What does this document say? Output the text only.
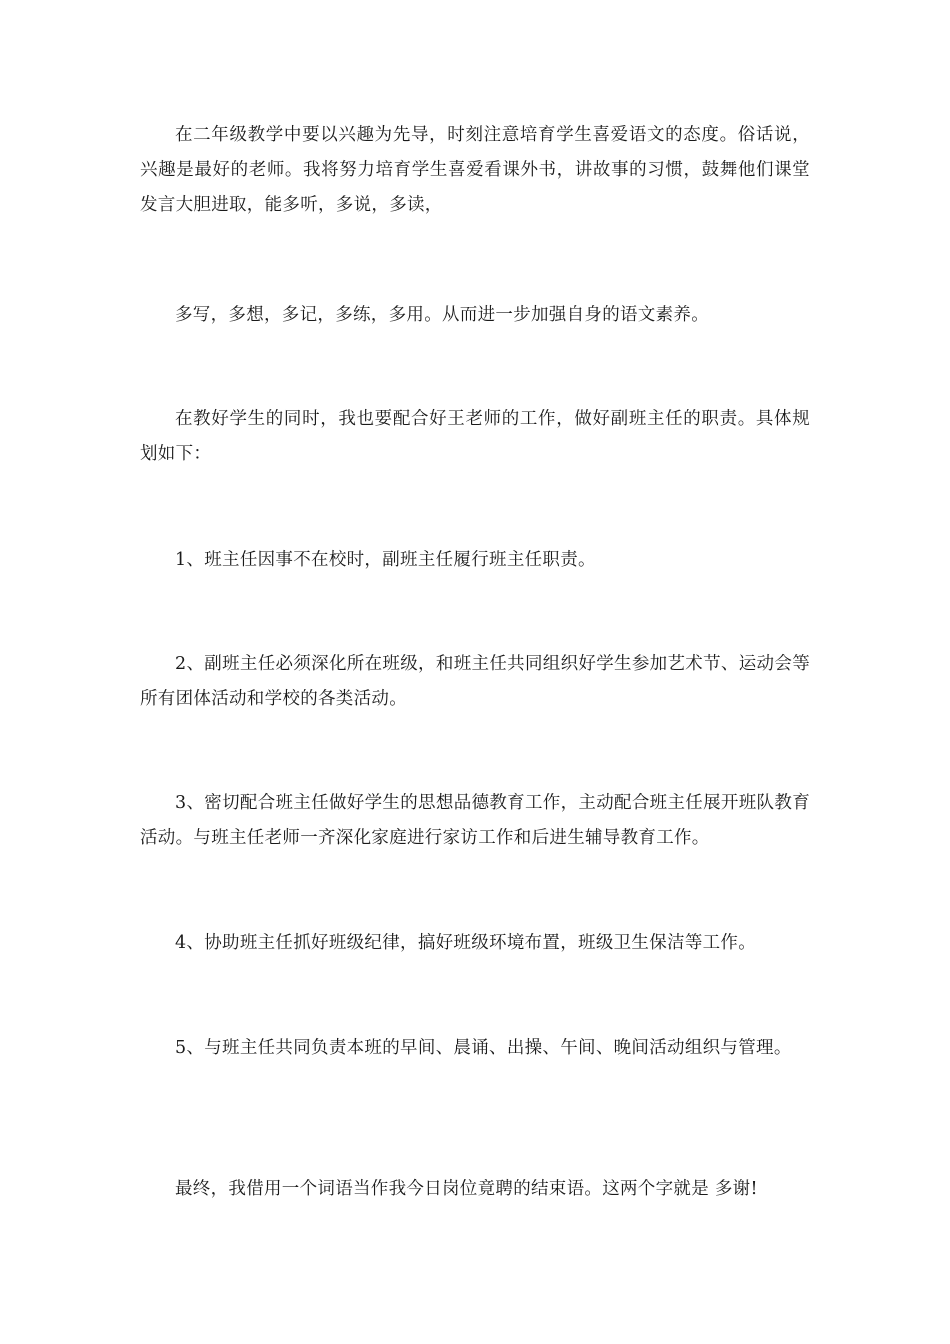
在二年级教学中要以兴趣为先导，时刻注意培育学生喜爱语文的态度。俗话说，兴趣是最好的老师。我将努力培育学生喜爱看课外书，讲故事的习惯，鼓舞他们课堂发言大胆进取，能多听，多说，多读，

多写，多想，多记，多练，多用。从而进一步加强自身的语文素养。

在教好学生的同时，我也要配合好王老师的工作，做好副班主任的职责。具体规划如下：

1、班主任因事不在校时，副班主任履行班主任职责。

2、副班主任必须深化所在班级，和班主任共同组织好学生参加艺术节、运动会等所有团体活动和学校的各类活动。

3、密切配合班主任做好学生的思想品德教育工作，主动配合班主任展开班队教育活动。与班主任老师一齐深化家庭进行家访工作和后进生辅导教育工作。

4、协助班主任抓好班级纪律，搞好班级环境布置，班级卫生保洁等工作。

5、与班主任共同负责本班的早间、晨诵、出操、午间、晚间活动组织与管理。

最终，我借用一个词语当作我今日岗位竟聘的结束语。这两个字就是 多谢!
